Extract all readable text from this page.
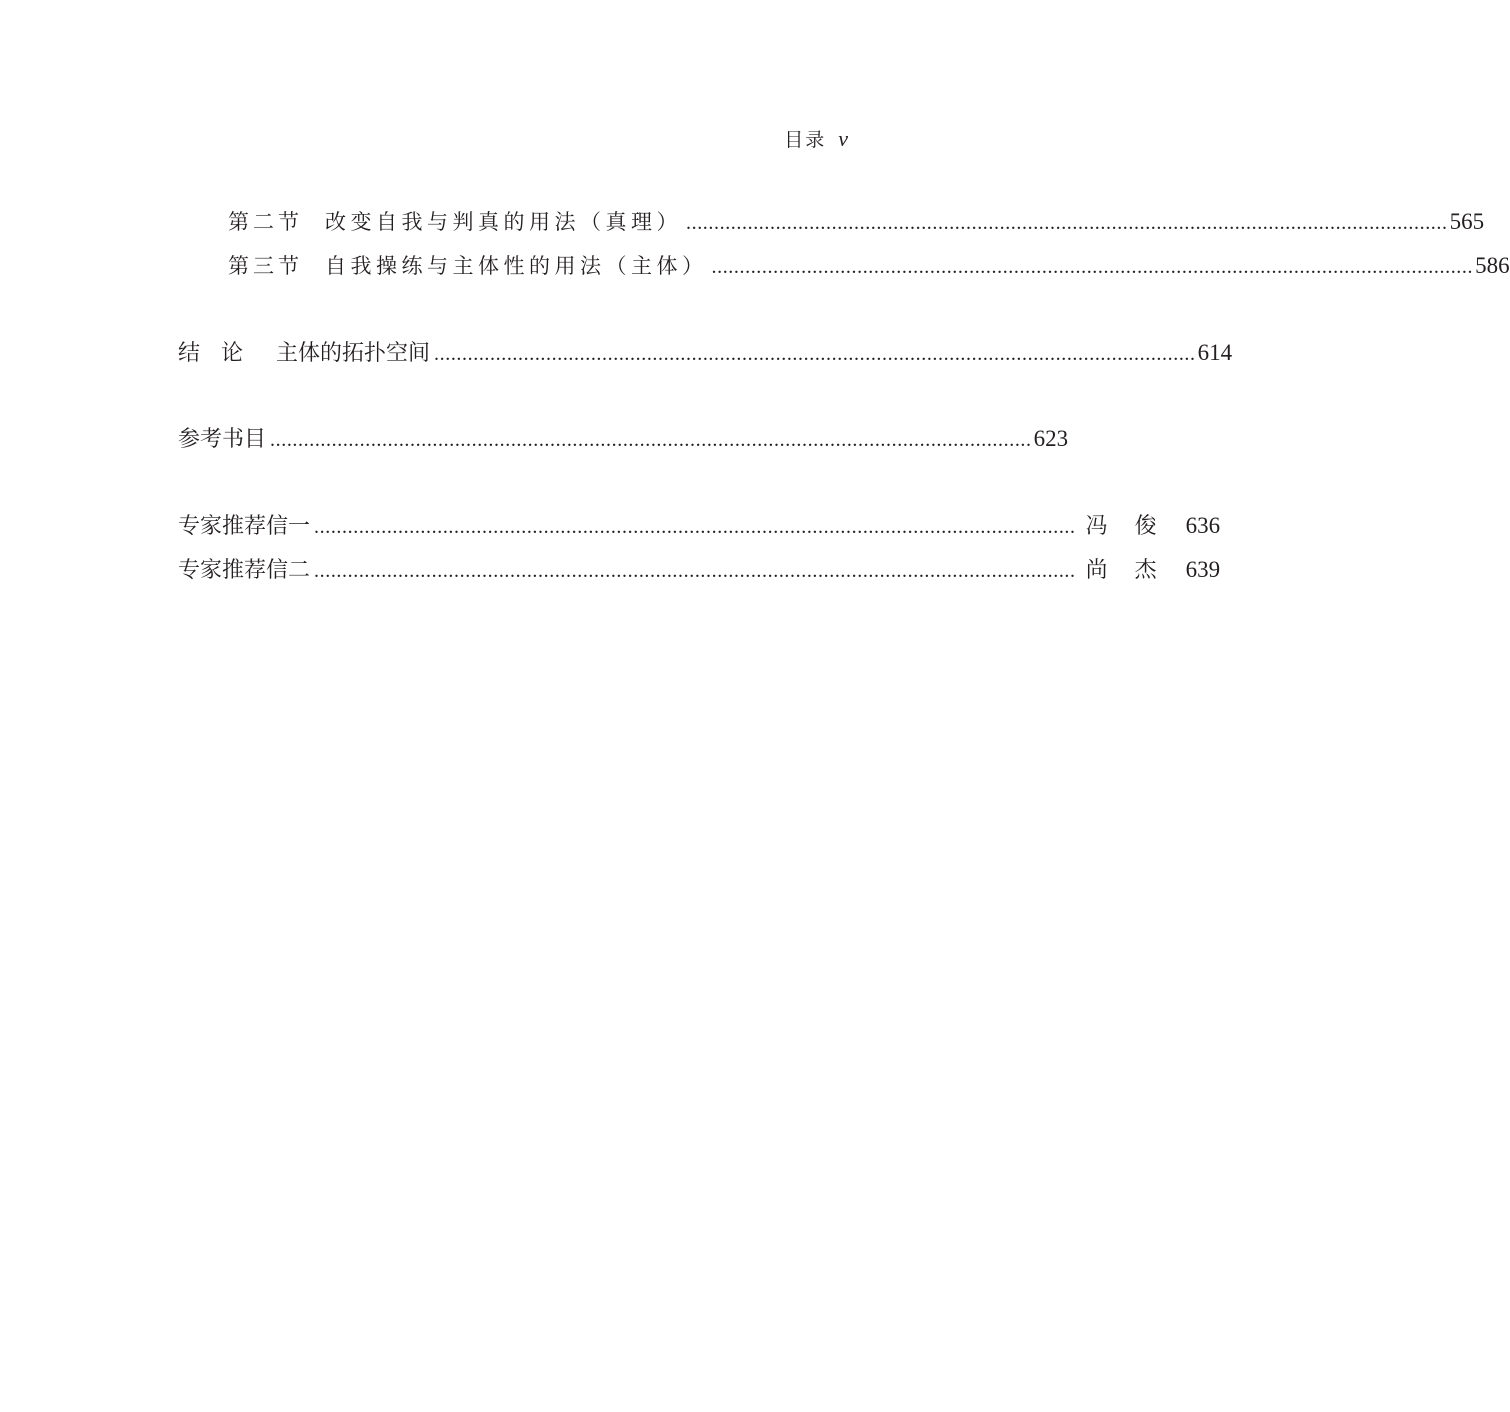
目录 v
第二节 改变自我与判真的用法（真理） ........................................................................................................................................ 565
第三节 自我操练与主体性的用法（主体） ........................................................................................................................................ 586
结论 主体的拓扑空间 ........................................................................................................................................ 614
参考书目 ........................................................................................................................................ 623
专家推荐信一 ........................................................................................................................................ 冯俊 636
专家推荐信二 ........................................................................................................................................ 尚杰 639
